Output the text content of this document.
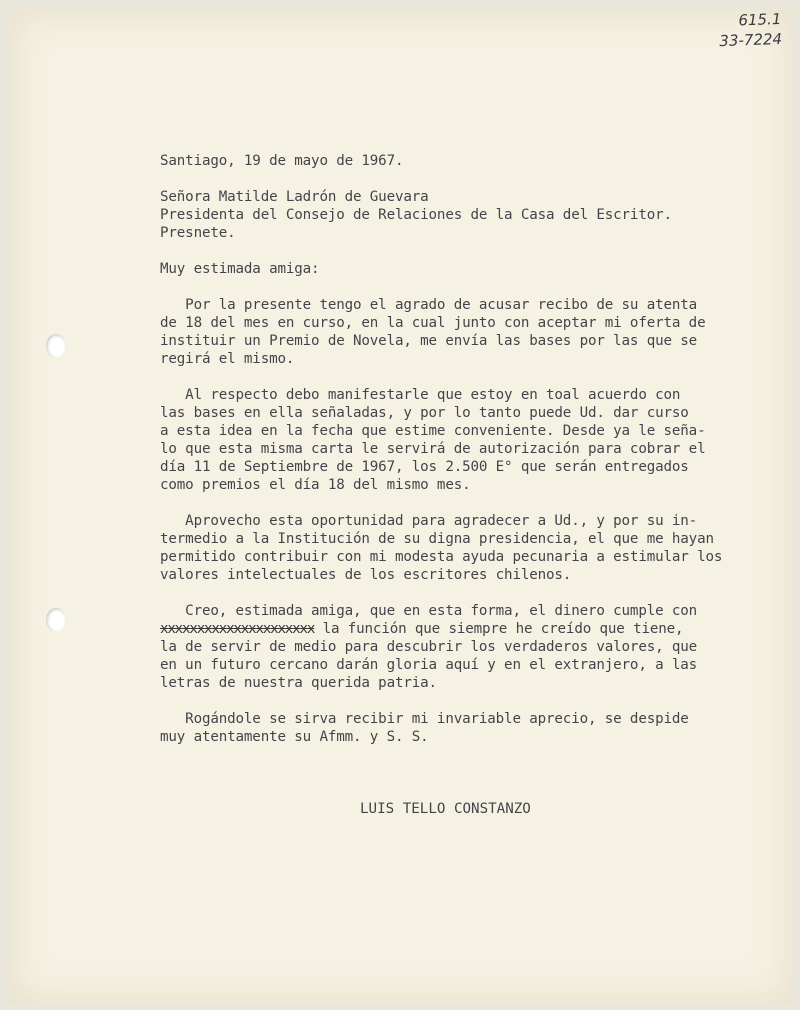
615.1
33-7224
Santiago, 19 de mayo de 1967.
Señora Matilde Ladrón de Guevara
Presidenta del Consejo de Relaciones de la Casa del Escritor.
Presnete.
Muy estimada amiga:
Por la presente tengo el agrado de acusar recibo de su atenta
de 18 del mes en curso, en la cual junto con aceptar mi oferta de
instituir un Premio de Novela, me envía las bases por las que se
regirá el mismo.
Al respecto debo manifestarle que estoy en toal acuerdo con
las bases en ella señaladas, y por lo tanto puede Ud. dar curso
a esta idea en la fecha que estime conveniente. Desde ya le seña-
lo que esta misma carta le servirá de autorización para cobrar el
día 11 de Septiembre de 1967, los 2.500 E° que serán entregados
como premios el día 18 del mismo mes.
Aprovecho esta oportunidad para agradecer a Ud., y por su in-
termedio a la Institución de su digna presidencia, el que me hayan
permitido contribuir con mi modesta ayuda pecunaria a estimular los
valores intelectuales de los escritores chilenos.
Creo, estimada amiga, que en esta forma, el dinero cumple con
xxxxxxxxxxxxxxxxxxxxx la función que siempre he creído que tiene,
la de servir de medio para descubrir los verdaderos valores, que
en un futuro cercano darán gloria aquí y en el extranjero, a las
letras de nuestra querida patria.
Rogándole se sirva recibir mi invariable aprecio, se despide
muy atentamente su Afmm. y S. S.
LUIS TELLO CONSTANZO
